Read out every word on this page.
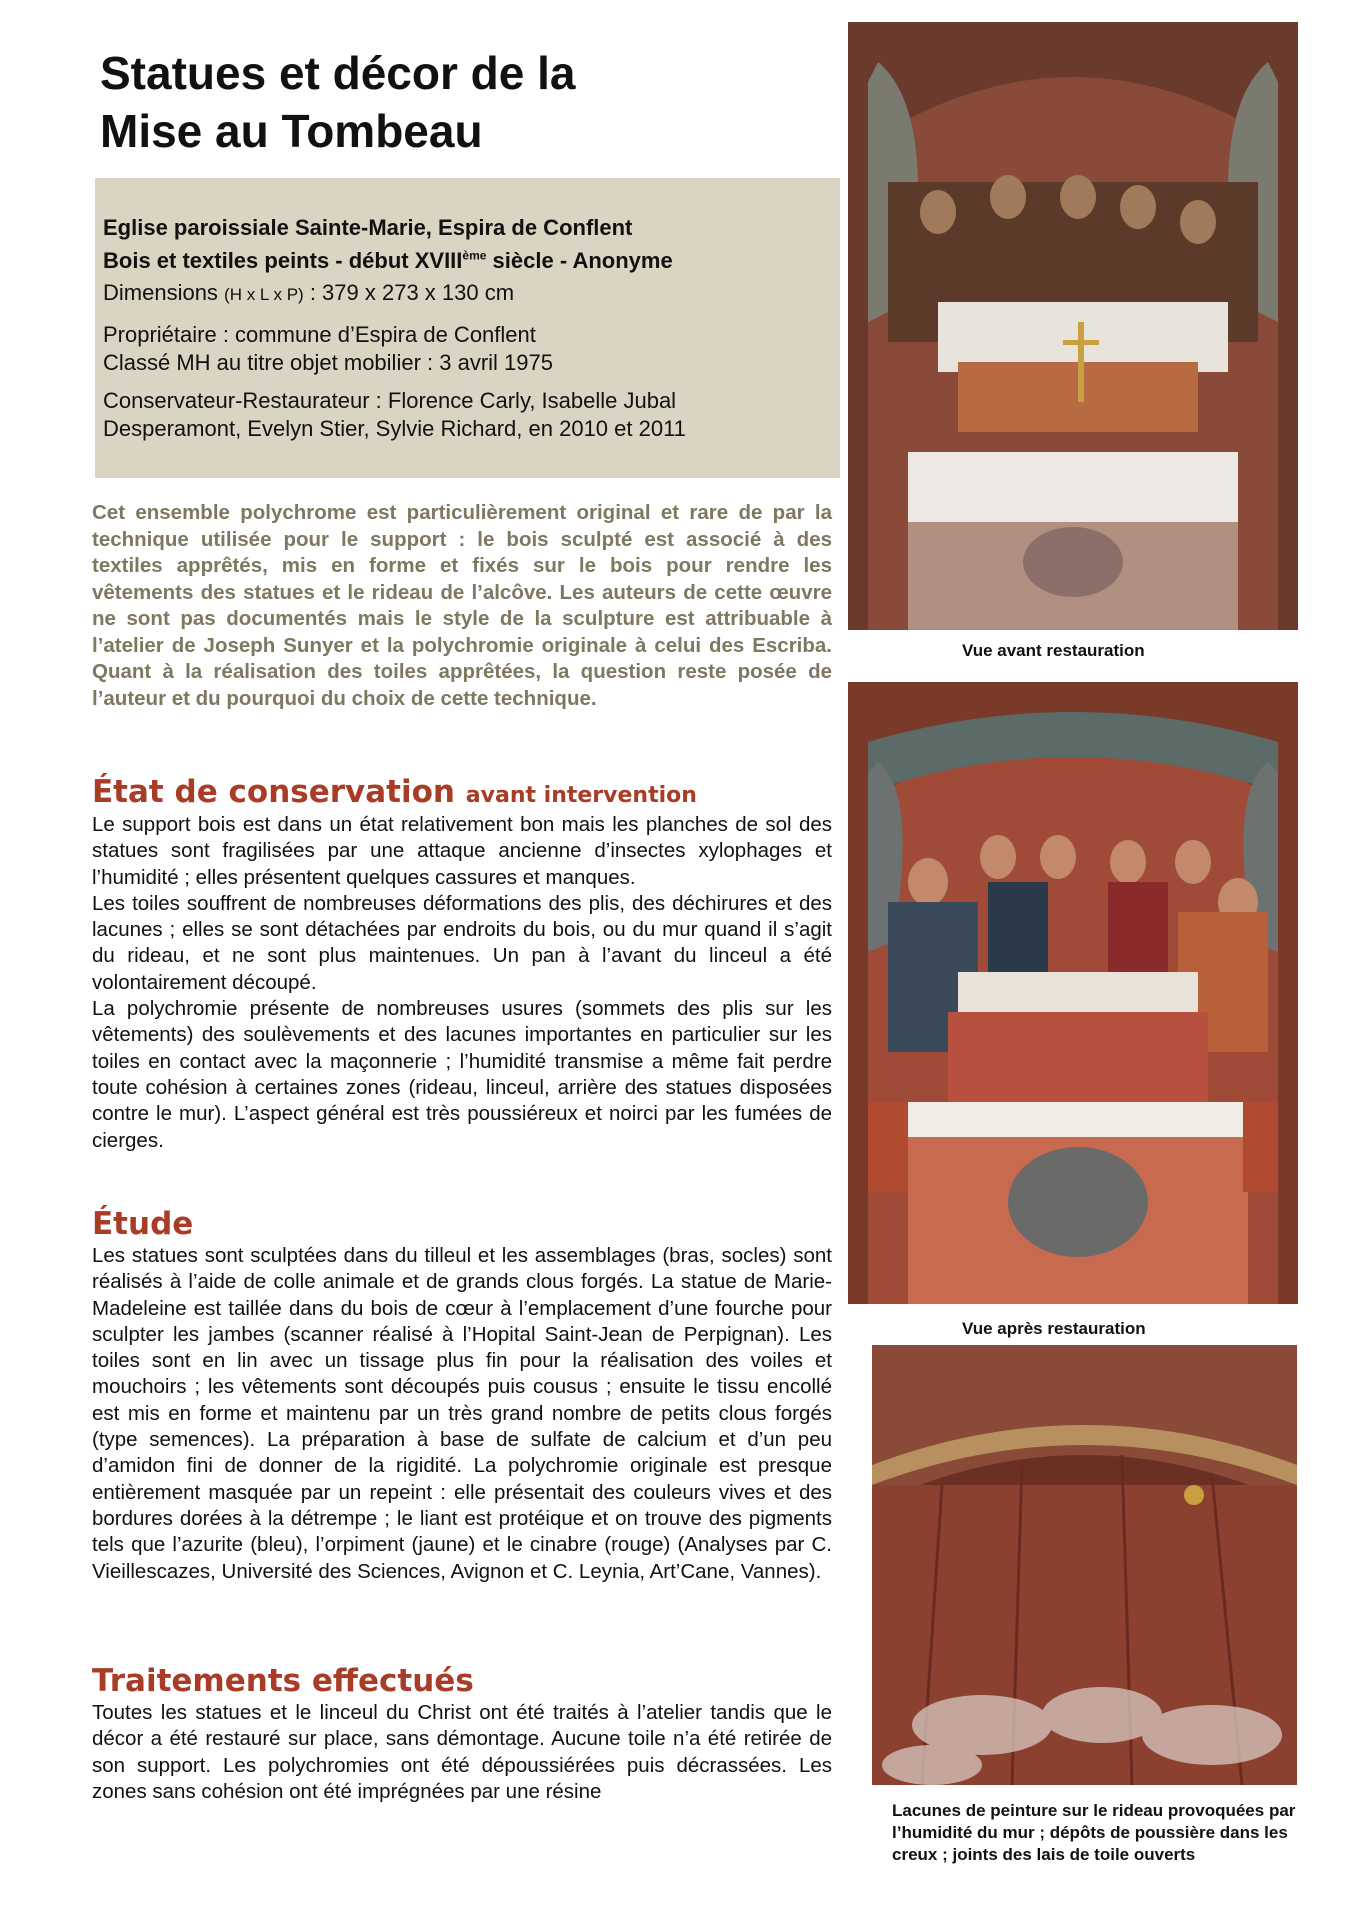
Statues et décor de la
Mise au Tombeau

Eglise paroissiale Sainte-Marie, Espira de Conflent
Bois et textiles peints - début XVIIIème siècle - Anonyme

Dimensions (H x L x P) : 379 x 273 x 130 cm

Propriétaire : commune d’Espira de Conflent
Classé MH au titre objet mobilier : 3 avril 1975

Conservateur-Restaurateur : Florence Carly, Isabelle Jubal Desperamont, Evelyn Stier, Sylvie Richard, en 2010 et 2011

Cet ensemble polychrome est particulièrement original et rare de par la technique utilisée pour le support : le bois sculpté est associé à des textiles apprêtés, mis en forme et fixés sur le bois pour rendre les vêtements des statues et le rideau de l’alcôve. Les auteurs de cette œuvre ne sont pas documentés mais le style de la sculpture est attribuable à l’atelier de Joseph Sunyer et la polychromie originale à celui des Escriba. Quant à la réalisation des toiles apprêtées, la question reste posée de l’auteur et du pourquoi du choix de cette technique.
État de conservation avant intervention

Le support bois est dans un état relativement bon mais les planches de sol des statues sont fragilisées par une attaque ancienne d’insectes xylophages et l’humidité ; elles présentent quelques cassures et manques.

Les toiles souffrent de nombreuses déformations des plis, des déchirures et des lacunes ; elles se sont détachées par endroits du bois, ou du mur quand il s’agit du rideau, et ne sont plus maintenues. Un pan à l’avant du linceul a été volontairement découpé.

La polychromie présente de nombreuses usures (sommets des plis sur les vêtements) des soulèvements et des lacunes importantes en particulier sur les toiles en contact avec la maçonnerie ; l’humidité transmise a même fait perdre toute cohésion à certaines zones (rideau, linceul, arrière des statues disposées contre le mur). L’aspect général est très poussiéreux et noirci par les fumées de cierges.

Étude

Les statues sont sculptées dans du tilleul et les assemblages (bras, socles) sont réalisés à l’aide de colle animale et de grands clous forgés. La statue de Marie-Madeleine est taillée dans du bois de cœur à l’emplacement d’une fourche pour sculpter les jambes (scanner réalisé à l’Hopital Saint-Jean de Perpignan). Les toiles sont en lin avec un tissage plus fin pour la réalisation des voiles et mouchoirs ; les vêtements sont découpés puis cousus ; ensuite le tissu encollé est mis en forme et maintenu par un très grand nombre de petits clous forgés (type semences). La préparation à base de sulfate de calcium et d’un peu d’amidon fini de donner de la rigidité. La polychromie originale est presque entièrement masquée par un repeint : elle présentait des couleurs vives et des bordures dorées à la détrempe ; le liant est protéique et on trouve des pigments tels que l’azurite (bleu), l’orpiment (jaune) et le cinabre (rouge) (Analyses par C. Vieillescazes, Université des Sciences, Avignon et C. Leynia, Art’Cane, Vannes).

Traitements effectués

Toutes les statues et le linceul du Christ ont été traités à l’atelier tandis que le décor a été restauré sur place, sans démontage. Aucune toile n’a été retirée de son support. Les polychromies ont été dépoussiérées puis décrassées. Les zones sans cohésion ont été imprégnées par une résine

Vue avant restauration
Vue après restauration
Lacunes de peinture sur le rideau provoquées par l’humidité du mur ; dépôts de poussière dans les creux ; joints des lais de toile ouverts
